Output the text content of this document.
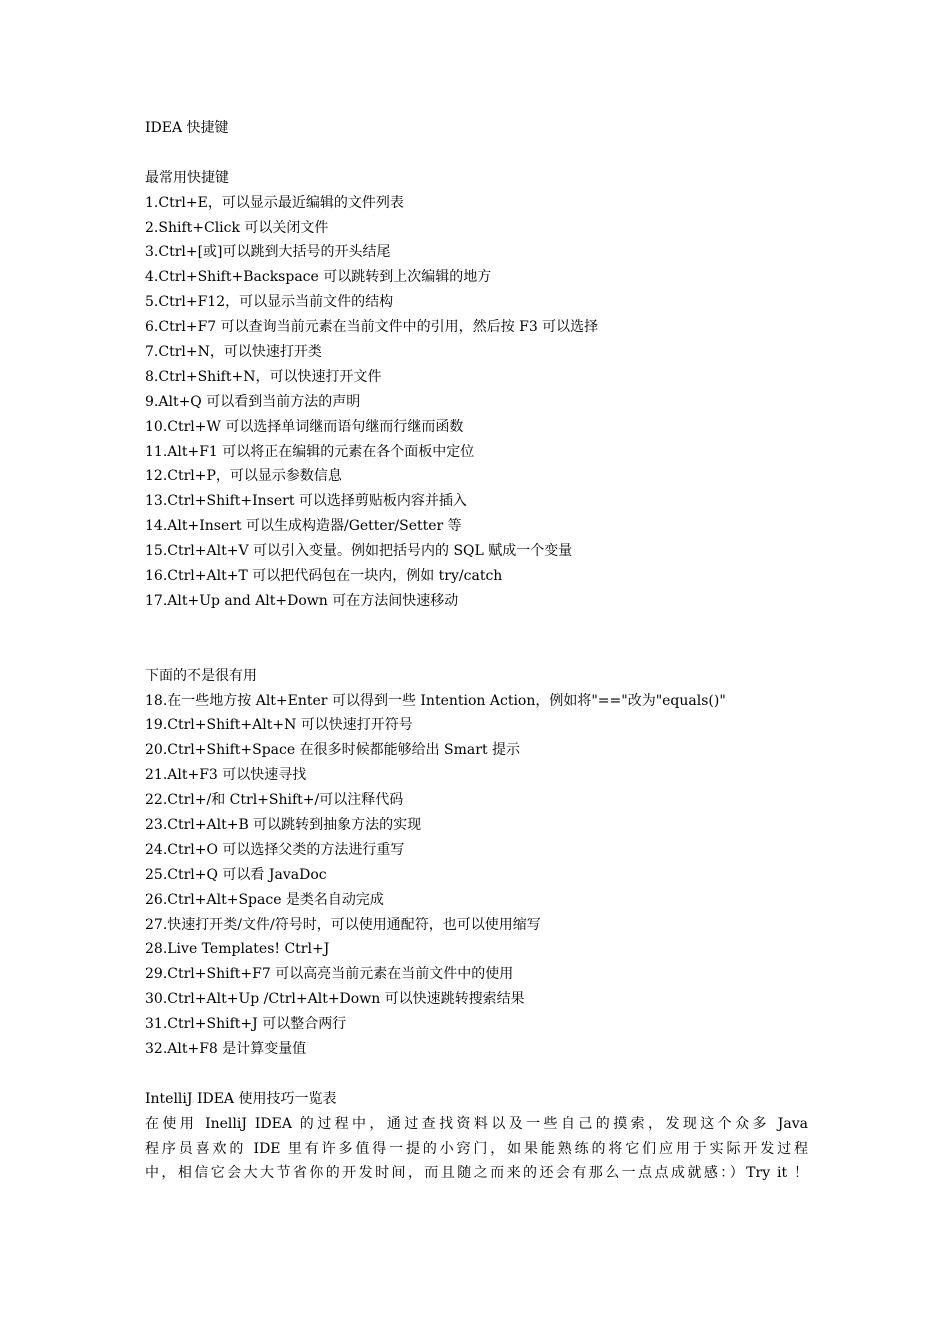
IDEA 快捷键
最常用快捷键
1.Ctrl+E，可以显示最近编辑的文件列表
2.Shift+Click 可以关闭文件
3.Ctrl+[或]可以跳到大括号的开头结尾
4.Ctrl+Shift+Backspace 可以跳转到上次编辑的地方
5.Ctrl+F12，可以显示当前文件的结构
6.Ctrl+F7 可以查询当前元素在当前文件中的引用，然后按 F3 可以选择
7.Ctrl+N，可以快速打开类
8.Ctrl+Shift+N，可以快速打开文件
9.Alt+Q 可以看到当前方法的声明
10.Ctrl+W 可以选择单词继而语句继而行继而函数
11.Alt+F1 可以将正在编辑的元素在各个面板中定位
12.Ctrl+P，可以显示参数信息
13.Ctrl+Shift+Insert 可以选择剪贴板内容并插入
14.Alt+Insert 可以生成构造器/Getter/Setter 等
15.Ctrl+Alt+V 可以引入变量。例如把括号内的 SQL 赋成一个变量
16.Ctrl+Alt+T 可以把代码包在一块内，例如 try/catch
17.Alt+Up and Alt+Down 可在方法间快速移动
下面的不是很有用
18.在一些地方按 Alt+Enter 可以得到一些 Intention Action，例如将"=="改为"equals()"
19.Ctrl+Shift+Alt+N 可以快速打开符号
20.Ctrl+Shift+Space 在很多时候都能够给出 Smart 提示
21.Alt+F3 可以快速寻找
22.Ctrl+/和 Ctrl+Shift+/可以注释代码
23.Ctrl+Alt+B 可以跳转到抽象方法的实现
24.Ctrl+O 可以选择父类的方法进行重写
25.Ctrl+Q 可以看 JavaDoc
26.Ctrl+Alt+Space 是类名自动完成
27.快速打开类/文件/符号时，可以使用通配符，也可以使用缩写
28.Live Templates! Ctrl+J
29.Ctrl+Shift+F7 可以高亮当前元素在当前文件中的使用
30.Ctrl+Alt+Up /Ctrl+Alt+Down 可以快速跳转搜索结果
31.Ctrl+Shift+J 可以整合两行
32.Alt+F8 是计算变量值
IntelliJ IDEA 使用技巧一览表
在使用 InelliJ IDEA 的过程中，通过查找资料以及一些自己的摸索，发现这个众多 Java
程序员喜欢的 IDE 里有许多值得一提的小窍门，如果能熟练的将它们应用于实际开发过程
中，相信它会大大节省你的开发时间，而且随之而来的还会有那么一点点成就感：）Try it ！
